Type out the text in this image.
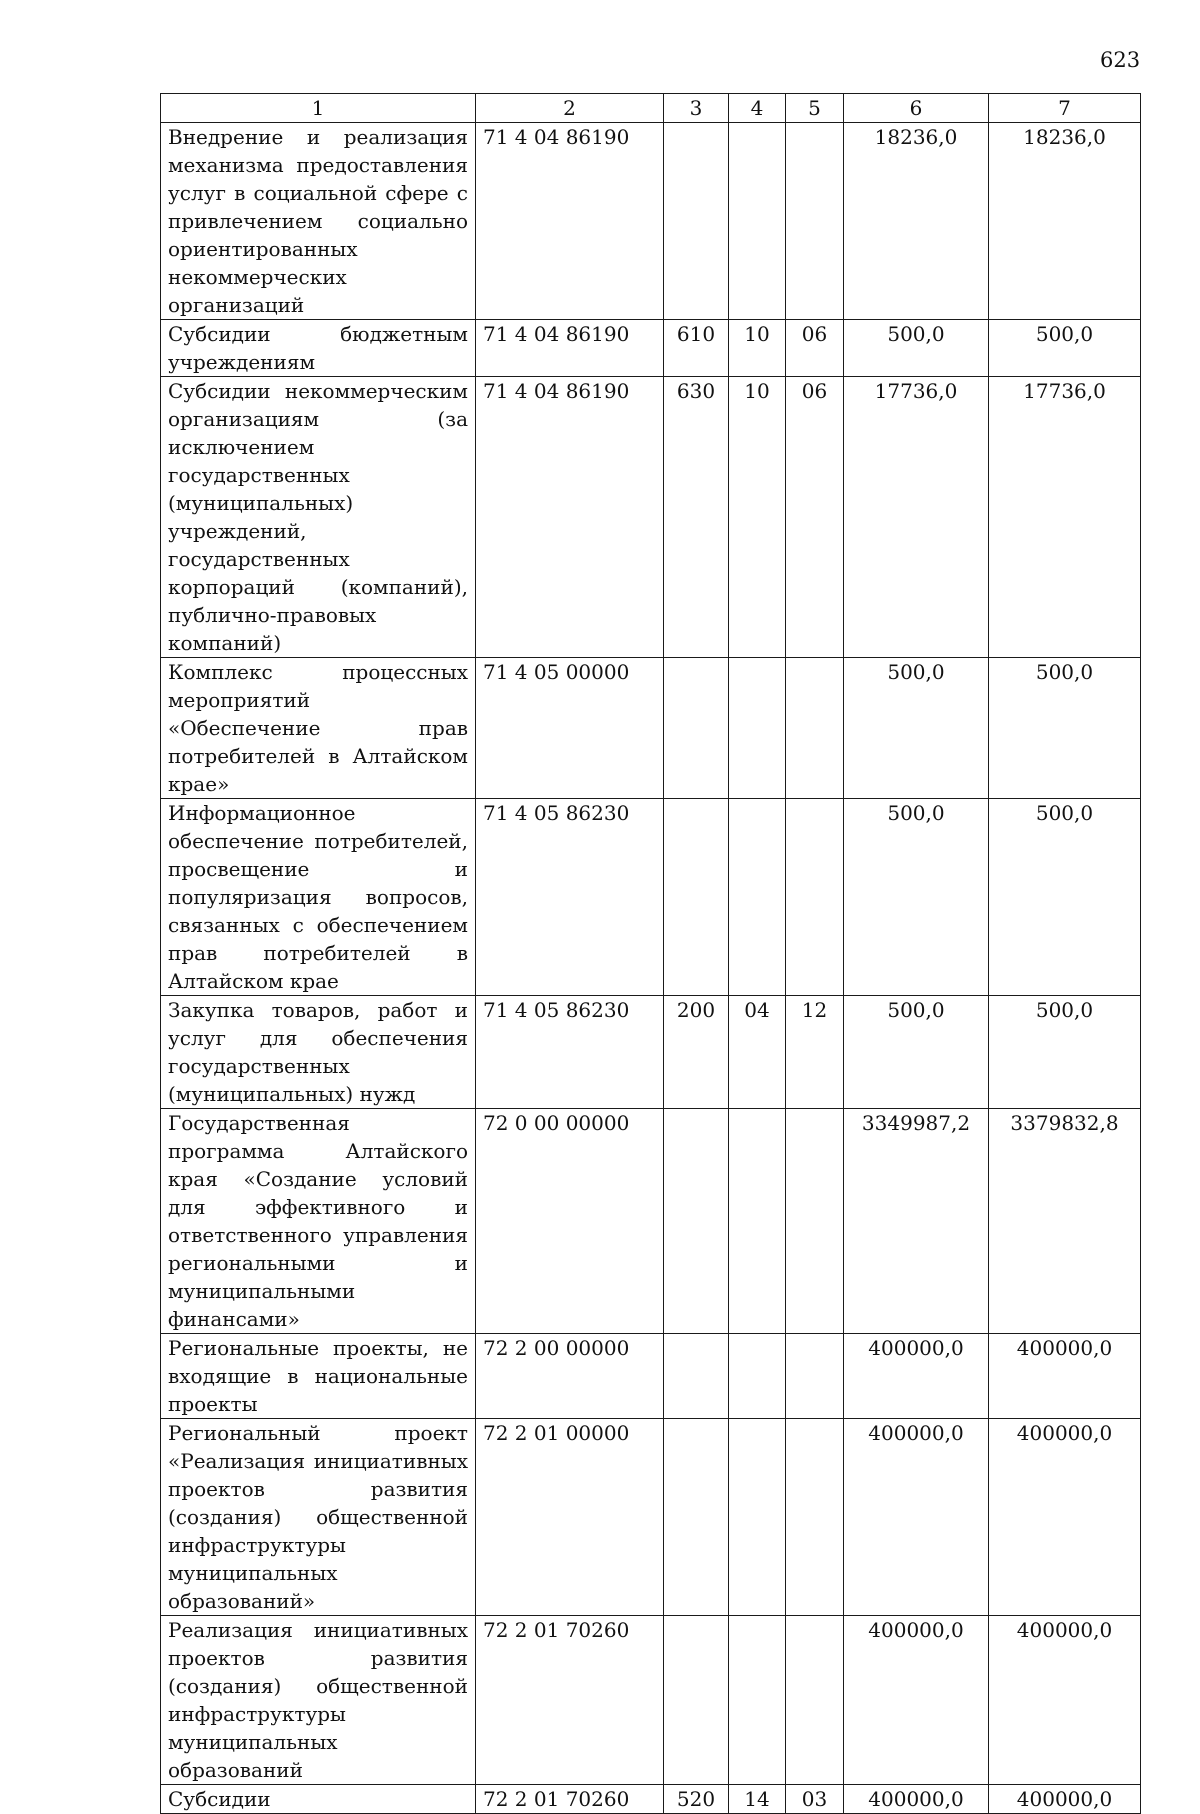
623
1	2	3	4	5	6	7
Внедрение и реализация механизма предоставления услуг в социальной сфере с привлечением социально ориентированных некоммерческих организаций	71 4 04 86190				18236,0	18236,0
Субсидии бюджетным учреждениям	71 4 04 86190	610	10	06	500,0	500,0
Субсидии некоммерческим организациям (за исключением государственных (муниципальных) учреждений, государственных корпораций (компаний), публично-правовых компаний)	71 4 04 86190	630	10	06	17736,0	17736,0
Комплекс процессных мероприятий «Обеспечение прав потребителей в Алтайском крае»	71 4 05 00000				500,0	500,0
Информационное обеспечение потребителей, просвещение и популяризация вопросов, связанных с обеспечением прав потребителей в Алтайском крае	71 4 05 86230				500,0	500,0
Закупка товаров, работ и услуг для обеспечения государственных (муниципальных) нужд	71 4 05 86230	200	04	12	500,0	500,0
Государственная программа Алтайского края «Создание условий для эффективного и ответственного управления региональными и муниципальными финансами»	72 0 00 00000				3349987,2	3379832,8
Региональные проекты, не входящие в национальные проекты	72 2 00 00000				400000,0	400000,0
Региональный проект «Реализация инициативных проектов развития (создания) общественной инфраструктуры муниципальных образований»	72 2 01 00000				400000,0	400000,0
Реализация инициативных проектов развития (создания) общественной инфраструктуры муниципальных образований	72 2 01 70260				400000,0	400000,0
Субсидии	72 2 01 70260	520	14	03	400000,0	400000,0
